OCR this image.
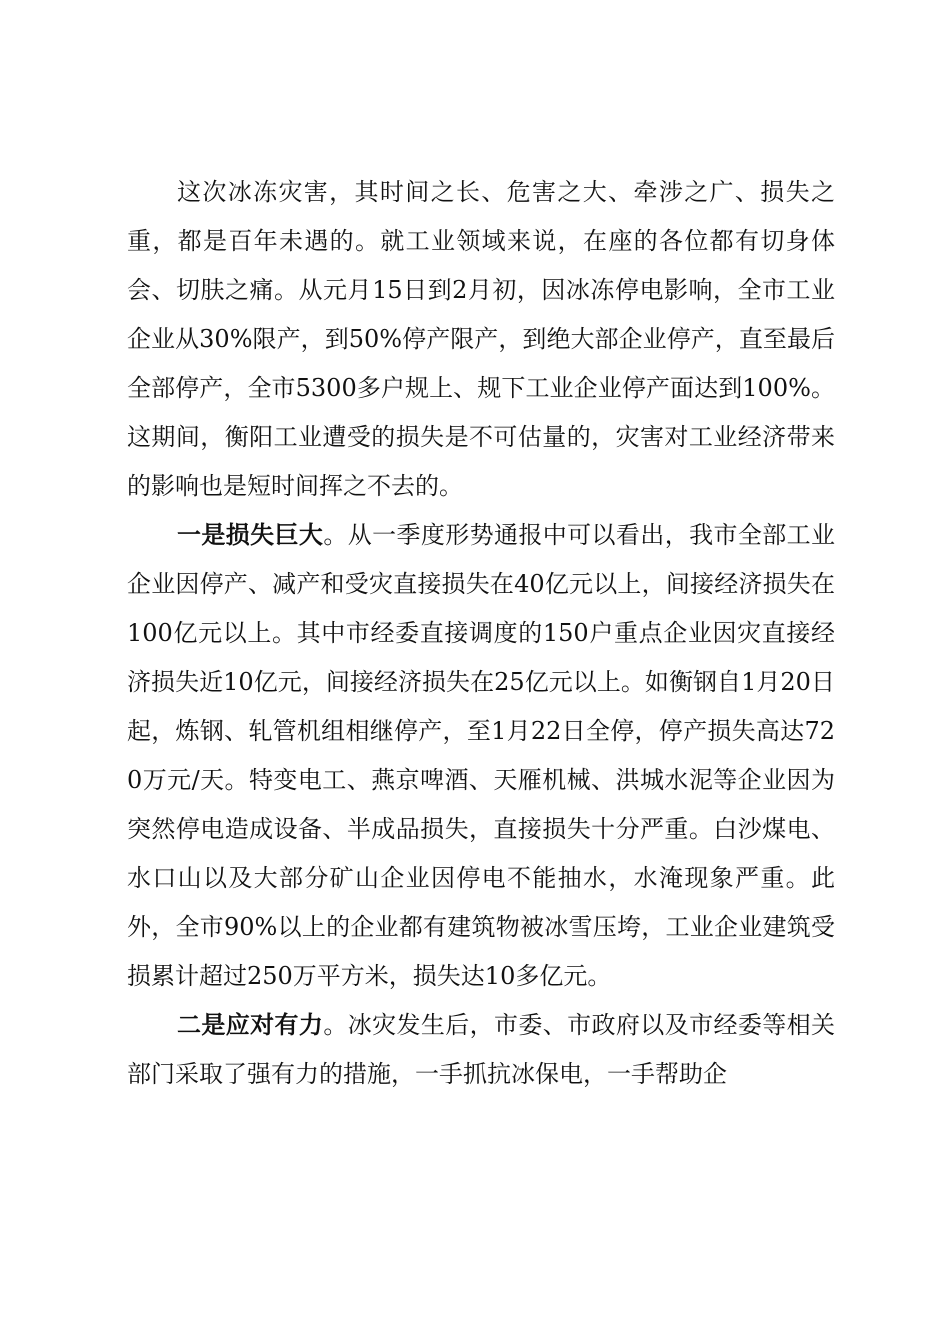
这次冰冻灾害，其时间之长、危害之大、牵涉之广、损失之重，都是百年未遇的。就工业领域来说，在座的各位都有切身体会、切肤之痛。从元月15日到2月初，因冰冻停电影响，全市工业企业从30%限产，到50%停产限产，到绝大部企业停产，直至最后全部停产，全市5300多户规上、规下工业企业停产面达到100%。这期间，衡阳工业遭受的损失是不可估量的，灾害对工业经济带来的影响也是短时间挥之不去的。

一是损失巨大。从一季度形势通报中可以看出，我市全部工业企业因停产、减产和受灾直接损失在40亿元以上，间接经济损失在100亿元以上。其中市经委直接调度的150户重点企业因灾直接经济损失近10亿元，间接经济损失在25亿元以上。如衡钢自1月20日起，炼钢、轧管机组相继停产，至1月22日全停，停产损失高达720万元/天。特变电工、燕京啤酒、天雁机械、洪城水泥等企业因为突然停电造成设备、半成品损失，直接损失十分严重。白沙煤电、水口山以及大部分矿山企业因停电不能抽水，水淹现象严重。此外，全市90%以上的企业都有建筑物被冰雪压垮，工业企业建筑受损累计超过250万平方米，损失达10多亿元。

二是应对有力。冰灾发生后，市委、市政府以及市经委等相关部门采取了强有力的措施，一手抓抗冰保电，一手帮助企
